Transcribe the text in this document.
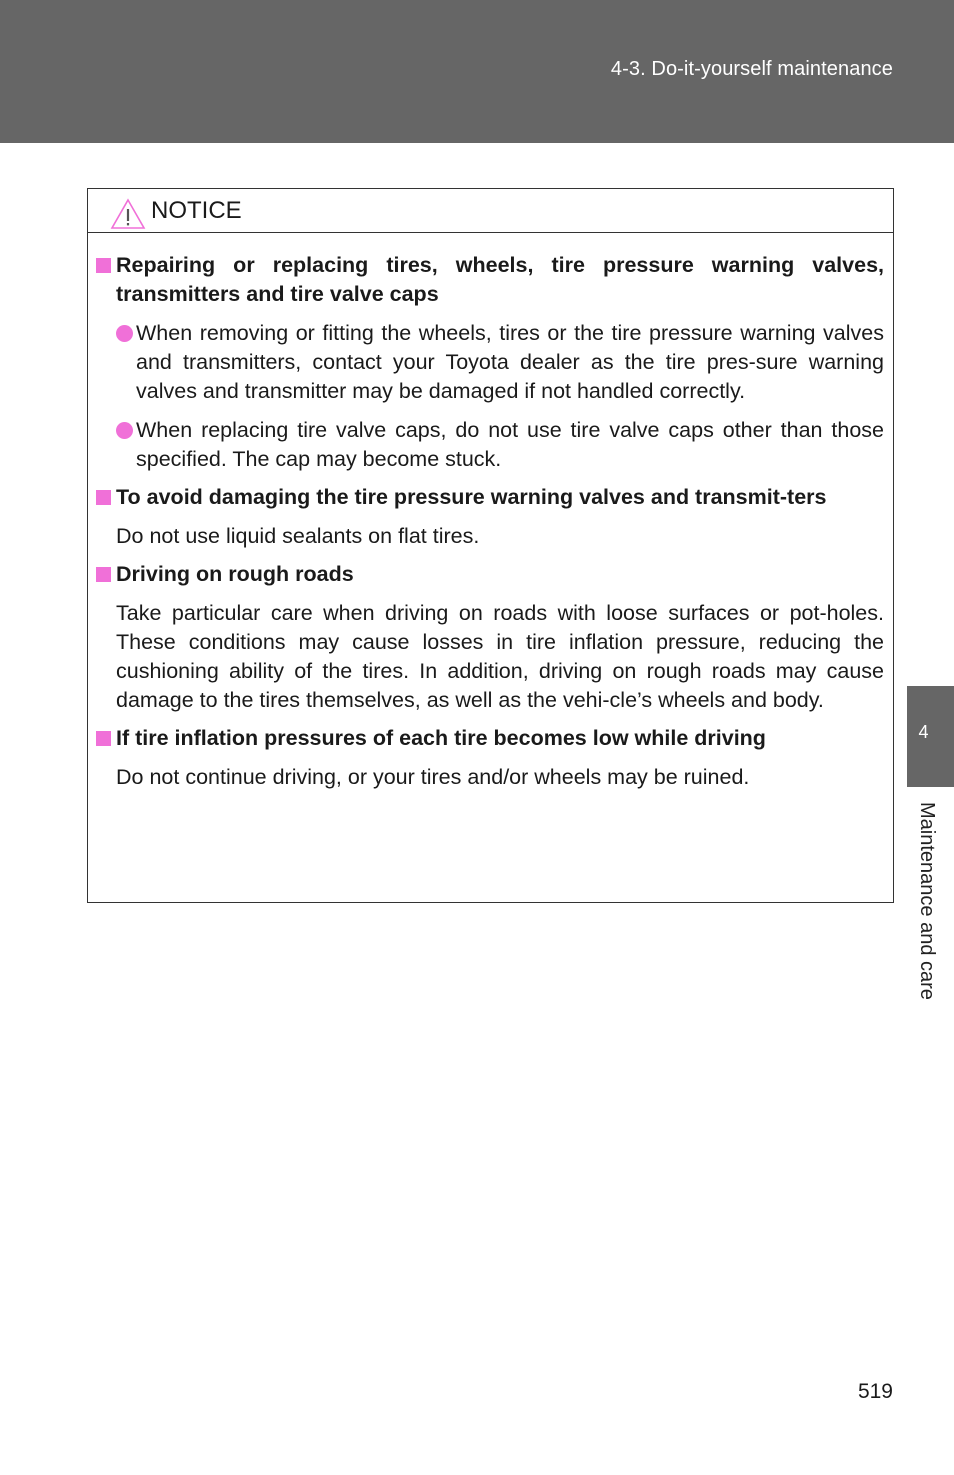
4-3. Do-it-yourself maintenance
NOTICE
Repairing or replacing tires, wheels, tire pressure warning valves, transmitters and tire valve caps
When removing or fitting the wheels, tires or the tire pressure warning valves and transmitters, contact your Toyota dealer as the tire pres-sure warning valves and transmitter may be damaged if not handled correctly.
When replacing tire valve caps, do not use tire valve caps other than those specified. The cap may become stuck.
To avoid damaging the tire pressure warning valves and transmit-ters
Do not use liquid sealants on flat tires.
Driving on rough roads
Take particular care when driving on roads with loose surfaces or pot-holes. These conditions may cause losses in tire inflation pressure, reducing the cushioning ability of the tires. In addition, driving on rough roads may cause damage to the tires themselves, as well as the vehi-cle’s wheels and body.
If tire inflation pressures of each tire becomes low while driving
Do not continue driving, or your tires and/or wheels may be ruined.
4
Maintenance and care
519
